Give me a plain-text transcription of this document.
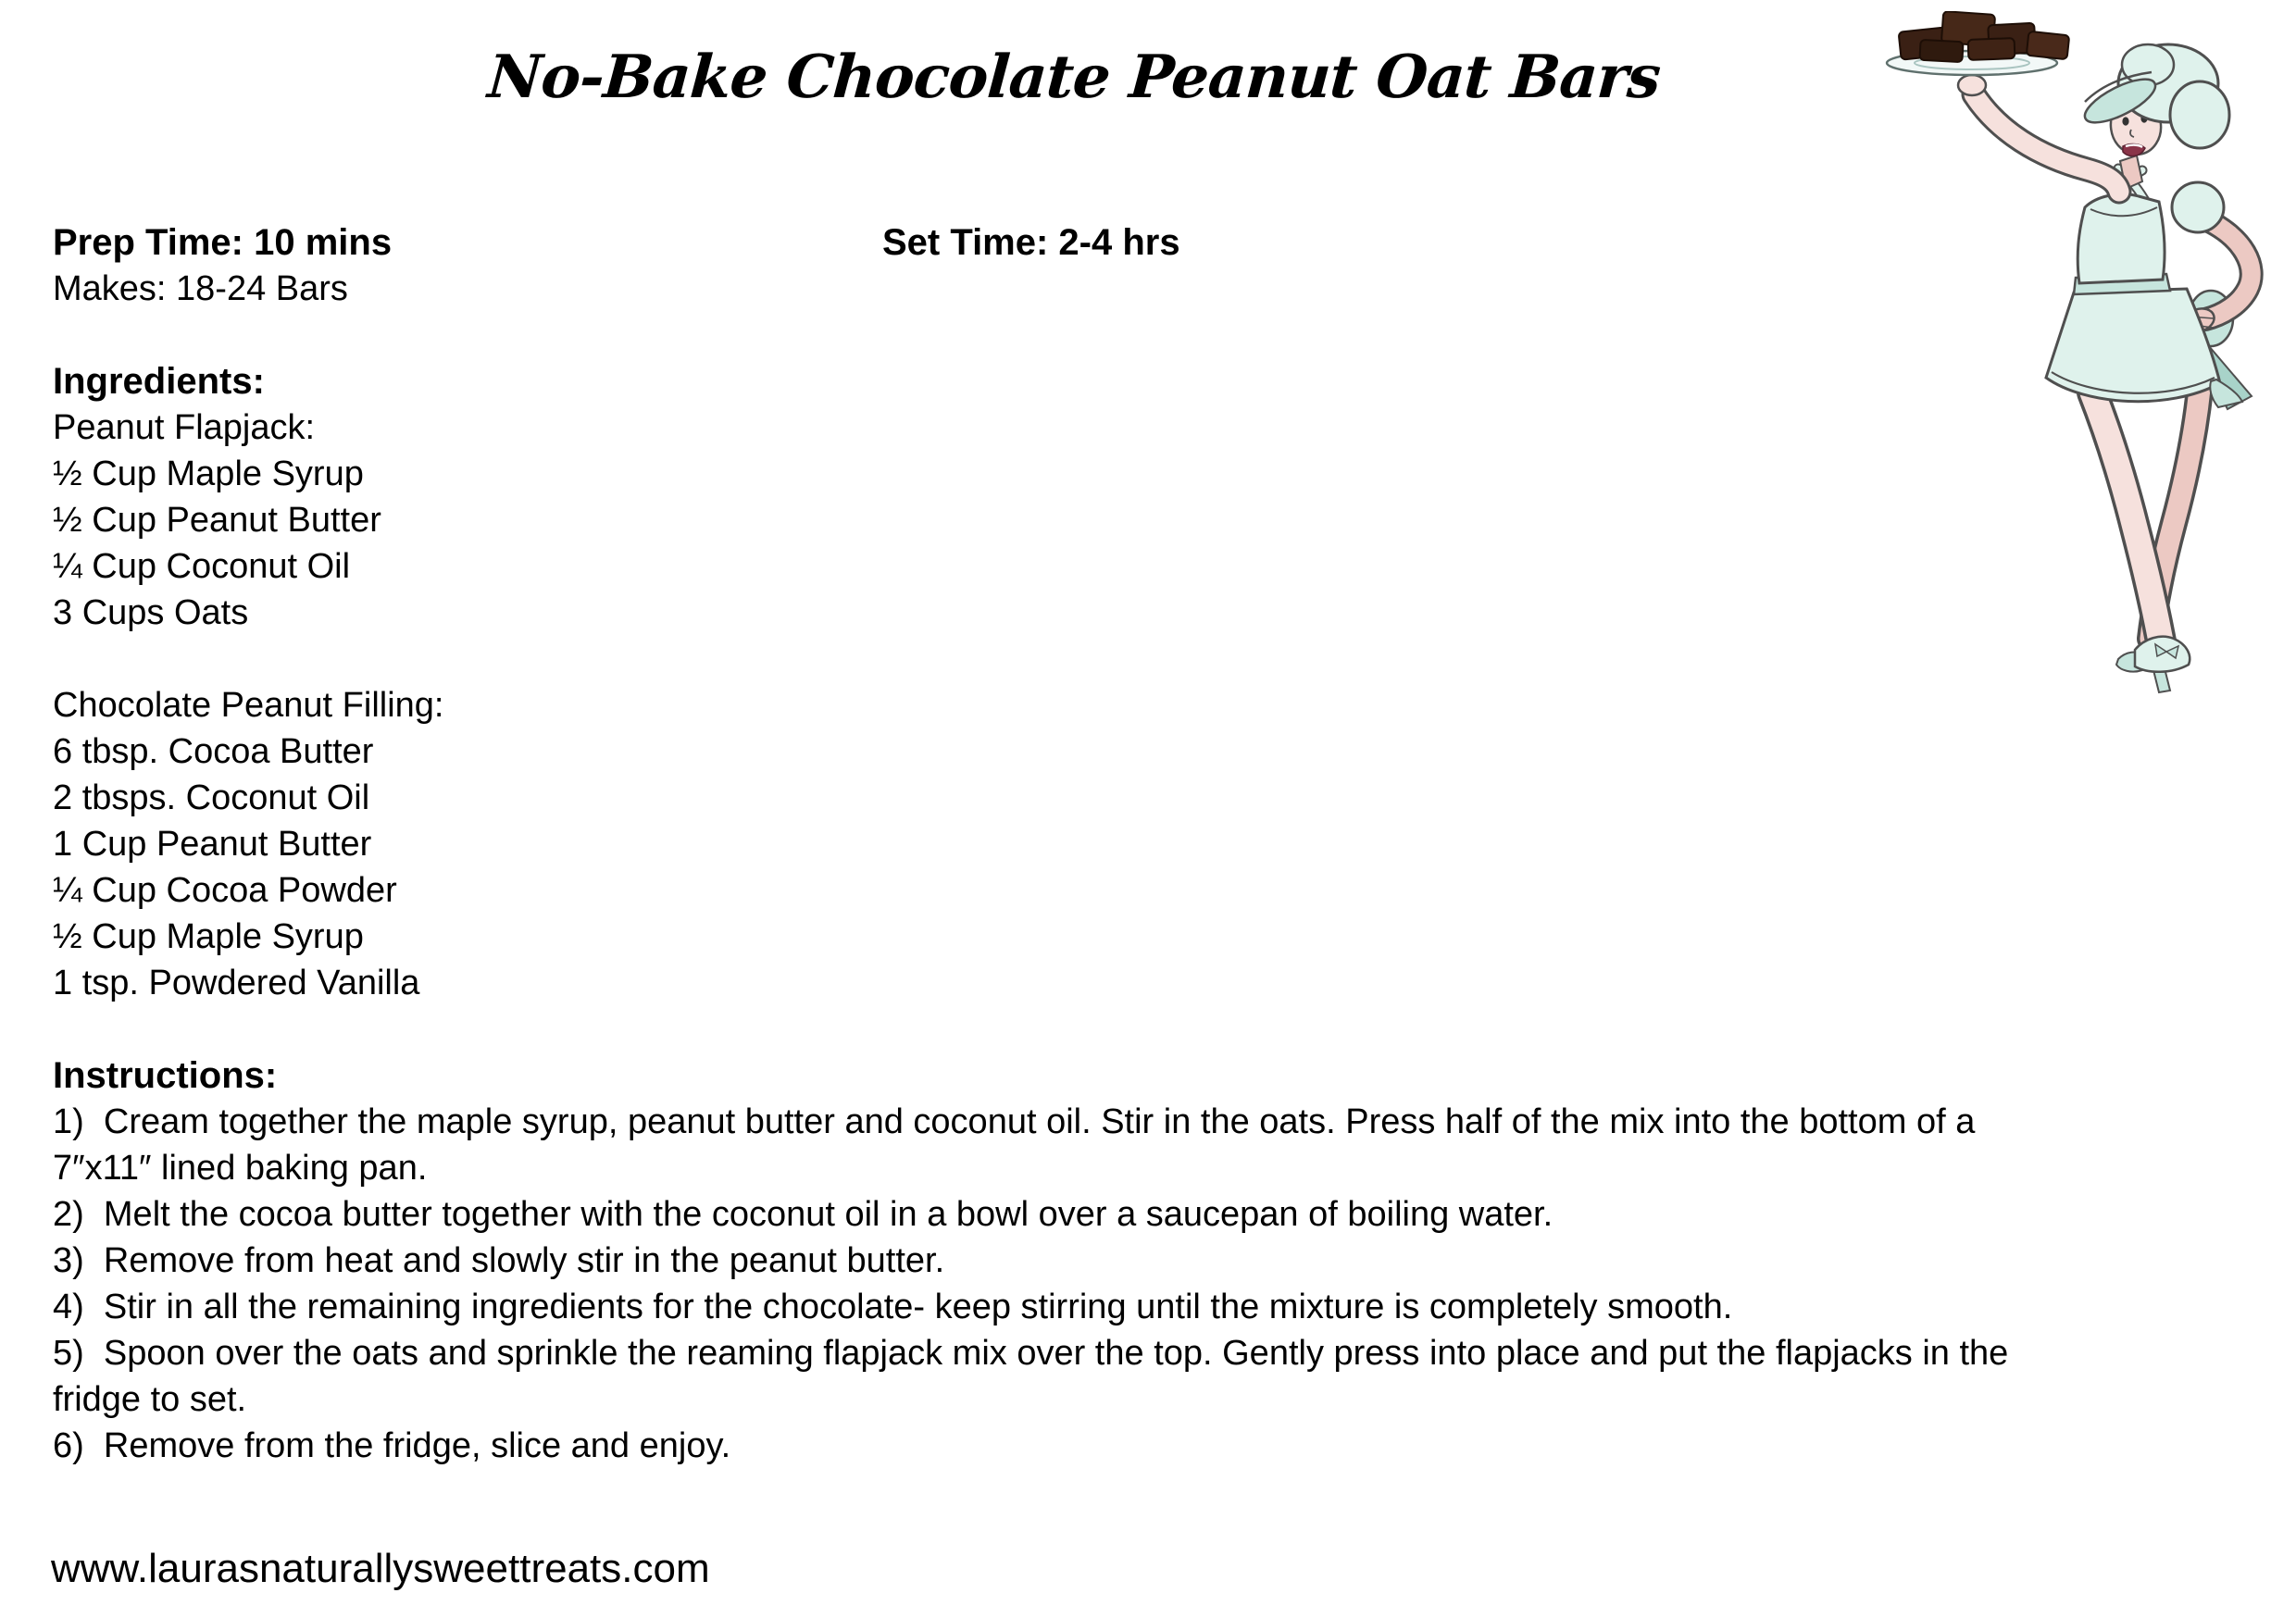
No-Bake Chocolate Peanut Oat Bars
Set Time: 2-4 hrs
Prep Time: 10 mins
Makes: 18-24 Bars
Ingredients:
Peanut Flapjack:
½ Cup Maple Syrup
½ Cup Peanut Butter
¼ Cup Coconut Oil
3 Cups Oats
Chocolate Peanut Filling:
6 tbsp. Cocoa Butter
2 tbsps. Coconut Oil
1 Cup Peanut Butter
¼ Cup Cocoa Powder
½ Cup Maple Syrup
1 tsp. Powdered Vanilla
Instructions:
1)  Cream together the maple syrup, peanut butter and coconut oil. Stir in the oats. Press half of the mix into the bottom of a
7″x11″ lined baking pan.
2)  Melt the cocoa butter together with the coconut oil in a bowl over a saucepan of boiling water.
3)  Remove from heat and slowly stir in the peanut butter.
4)  Stir in all the remaining ingredients for the chocolate- keep stirring until the mixture is completely smooth.
5)  Spoon over the oats and sprinkle the reaming flapjack mix over the top. Gently press into place and put the flapjacks in the
fridge to set.
6)  Remove from the fridge, slice and enjoy.
www.laurasnaturallysweettreats.com
